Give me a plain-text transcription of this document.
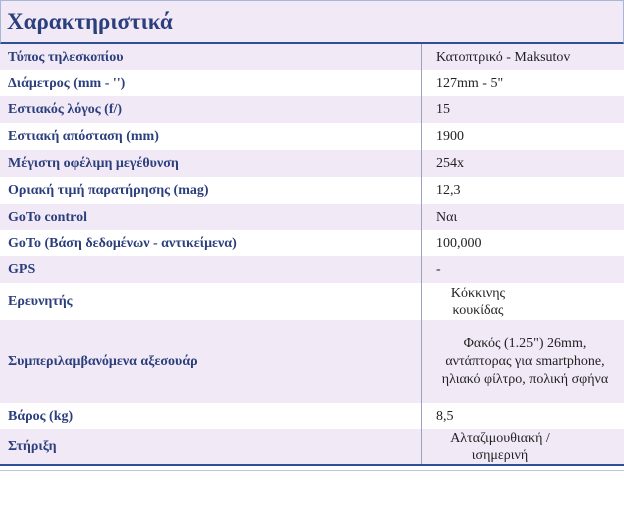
Χαρακτηριστικά
Τύπος τηλεσκοπίου	Κατοπτρικό - Maksutov
Διάμετρος (mm - '')	127mm - 5"
Εστιακός λόγος (f/)	15
Εστιακή απόσταση (mm)	1900
Μέγιστη οφέλιμη μεγέθυνση	254x
Οριακή τιμή παρατήρησης (mag)	12,3
GoTo control	Ναι
GoTo (Βάση δεδομένων - αντικείμενα)	100,000
GPS	-
Ερευνητής	Κόκκινης κουκίδας

Συμπεριλαμβανόμενα αξεσουάρ	Φακός (1.25") 26mm, αντάπτορας για smartphone, ηλιακό φίλτρο, πολική σφήνα

Βάρος (kg)	8,5
Στήριξη	Αλταζιμουθιακή / ισημερινή
